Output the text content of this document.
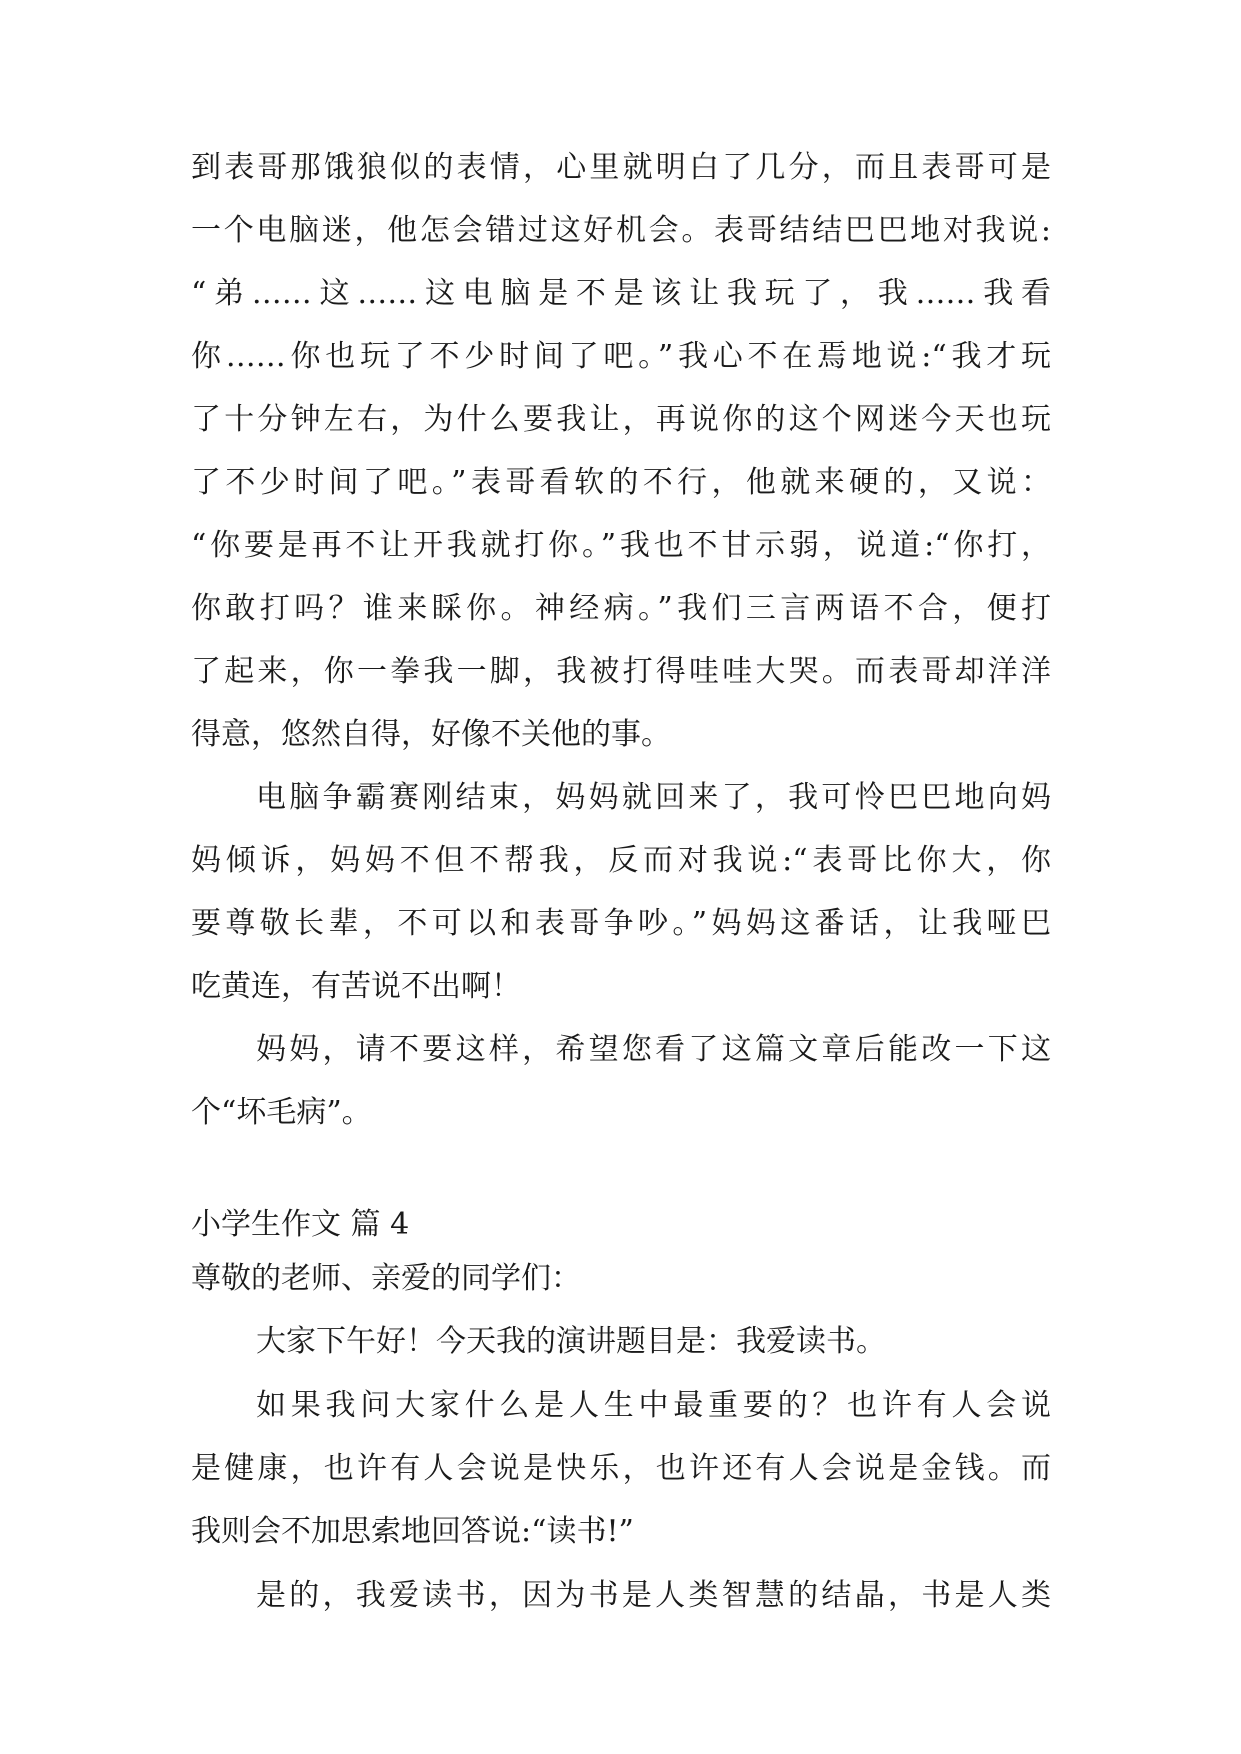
到表哥那饿狼似的表情，心里就明白了几分，而且表哥可是
一个电脑迷，他怎会错过这好机会。表哥结结巴巴地对我说:
“弟……这……这电脑是不是该让我玩了，我……我看
你……你也玩了不少时间了吧。”我心不在焉地说:“我才玩
了十分钟左右，为什么要我让，再说你的这个网迷今天也玩
了不少时间了吧。”表哥看软的不行，他就来硬的，又说：
“你要是再不让开我就打你。”我也不甘示弱，说道:“你打，
你敢打吗？谁来睬你。神经病。”我们三言两语不合，便打
了起来，你一拳我一脚，我被打得哇哇大哭。而表哥却洋洋
得意，悠然自得，好像不关他的事。
电脑争霸赛刚结束，妈妈就回来了，我可怜巴巴地向妈
妈倾诉，妈妈不但不帮我，反而对我说:“表哥比你大，你
要尊敬长辈，不可以和表哥争吵。”妈妈这番话，让我哑巴
吃黄连，有苦说不出啊！
妈妈，请不要这样，希望您看了这篇文章后能改一下这
个“坏毛病”。
小学生作文 篇 4
尊敬的老师、亲爱的同学们：
大家下午好！今天我的演讲题目是：我爱读书。
如果我问大家什么是人生中最重要的？也许有人会说
是健康，也许有人会说是快乐，也许还有人会说是金钱。而
我则会不加思索地回答说:“读书!”
是的，我爱读书，因为书是人类智慧的结晶，书是人类
